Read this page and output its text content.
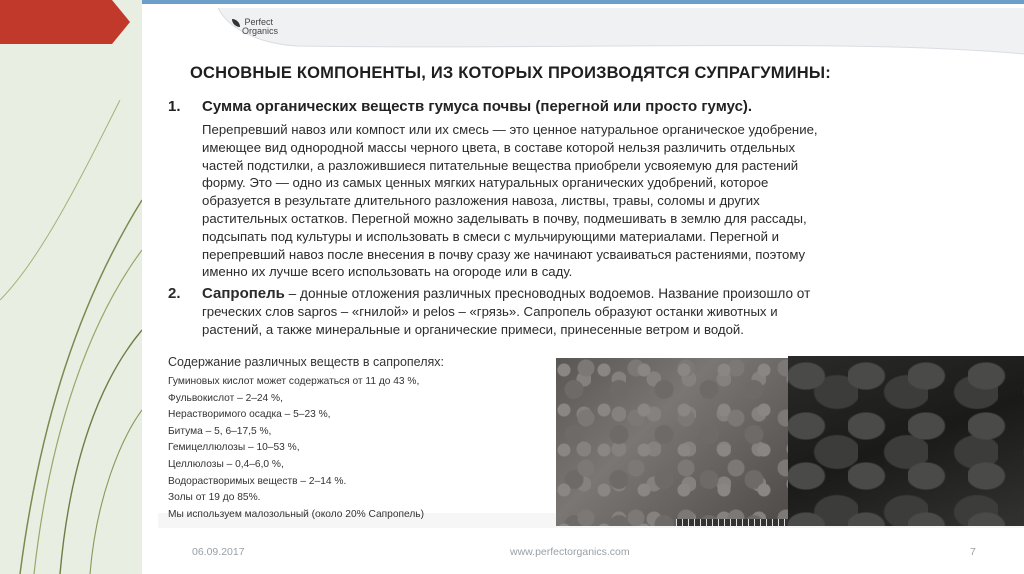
Perfect
Organics
ОСНОВНЫЕ КОМПОНЕНТЫ, ИЗ КОТОРЫХ ПРОИЗВОДЯТСЯ СУПРАГУМИНЫ:
1. Сумма органических веществ гумуса почвы (перегной или просто гумус).
Перепревший навоз или компост или их смесь — это ценное натуральное органическое удобрение,
имеющее вид однородной массы черного цвета, в составе которой нельзя различить отдельных
частей подстилки, а разложившиеся питательные вещества приобрели усвояемую для растений
форму. Это — одно из самых ценных мягких натуральных органических удобрений, которое
образуется в результате длительного разложения навоза, листвы, травы, соломы и других
растительных остатков. Перегной можно заделывать в почву, подмешивать в землю для рассады,
подсыпать под культуры и использовать в смеси с мульчирующими материалами. Перегной и
перепревший навоз после внесения в почву сразу же начинают усваиваться растениями, поэтому
именно их лучше всего использовать на огороде или в саду.
2. Сапропель – донные отложения различных пресноводных водоемов. Название произошло от
греческих слов sapros – «гнилой» и pelos – «грязь». Сапропель образуют останки животных и
растений, а также минеральные и органические примеси, принесенные ветром и водой.
Содержание различных веществ в сапропелях:
Гуминовых кислот может содержаться от 11 до 43 %,
Фульвокислот – 2–24 %,
Нерастворимого осадка – 5–23 %,
Битума – 5, 6–17,5 %,
Гемицеллюлозы – 10–53 %,
Целлюлозы – 0,4–6,0 %,
Водорастворимых веществ – 2–14 %.
Золы от 19 до 85%.
Мы используем малозольный (около 20% Сапропель)
06.09.2017	www.perfectorganics.com	7
